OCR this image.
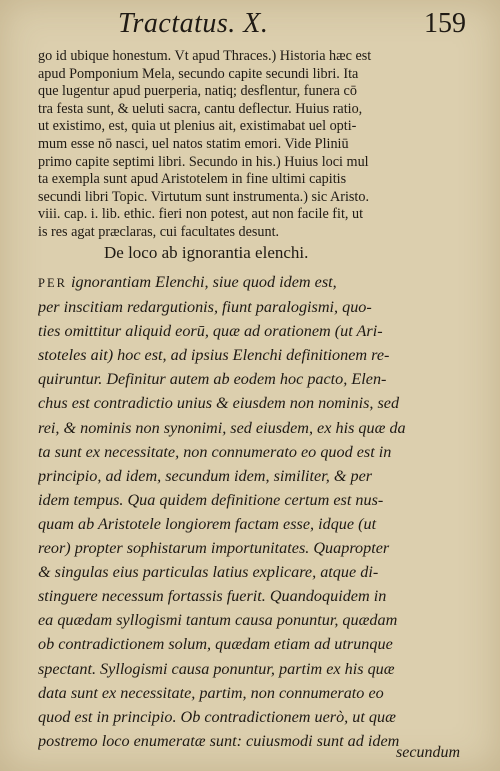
Tractatus. X.	159
go id ubique honestum. Vt apud Thraces.) Historia hæc est
apud Pomponium Mela, secundo capite secundi libri. Ita
que lugentur apud puerperia, natiq; desflentur, funera cō
tra festa sunt, & ueluti sacra, cantu deflectur. Huius ratio,
ut existimo, est, quia ut plenius ait, existimabat uel opti-
mum esse nō nasci, uel natos statim emori. Vide Pliniū
primo capite septimi libri. Secundo in his.) Huius loci mul
ta exempla sunt apud Aristotelem in fine ultimi capitis
secundi libri Topic. Virtutum sunt instrumenta.) sic Aristo.
viii. cap. i. lib. ethic. fieri non potest, aut non facile fit, ut
is res agat præclaras, cui facultates desunt.
De loco ab ignorantia elenchi.
PER ignorantiam Elenchi, siue quod idem est,
per inscitiam redargutionis, fiunt paralogismi, quo-
ties omittitur aliquid eorū, quæ ad orationem (ut Ari-
stoteles ait) hoc est, ad ipsius Elenchi definitionem re-
quiruntur. Definitur autem ab eodem hoc pacto, Elen-
chus est contradictio unius & eiusdem non nominis, sed
rei, & nominis non synonimi, sed eiusdem, ex his quæ da
ta sunt ex necessitate, non connumerato eo quod est in
principio, ad idem, secundum idem, similiter, & per
idem tempus. Qua quidem definitione certum est nus-
quam ab Aristotele longiorem factam esse, idque (ut
reor) propter sophistarum importunitates. Quapropter
& singulas eius particulas latius explicare, atque di-
stinguere necessum fortassis fuerit. Quandoquidem in
ea quædam syllogismi tantum causa ponuntur, quædam
ob contradictionem solum, quædam etiam ad utrunque
spectant. Syllogismi causa ponuntur, partim ex his quæ
data sunt ex necessitate, partim, non connumerato eo
quod est in principio. Ob contradictionem uerò, ut quæ
postremo loco enumeratæ sunt: cuiusmodi sunt ad idem
secundum
